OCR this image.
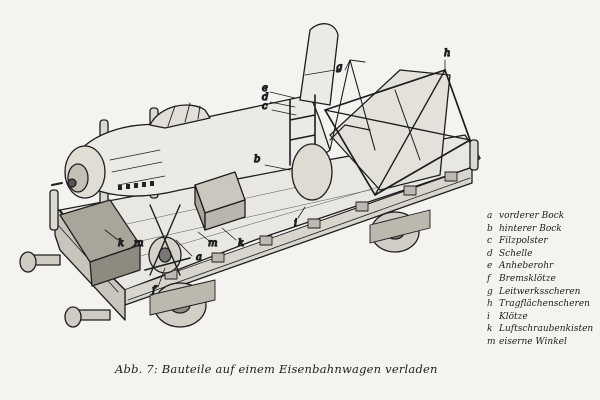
a
b
c
d
e
f
g
h
i
k	k
m	m
a vorderer Bock
b hinterer Bock
c Filzpolster
d Schelle
e Anheberohr
f Bremsklötze
g Leitwerksscheren
h Tragflächenscheren
i Klötze
k Luftschraubenkisten
m eiserne Winkel
Abb. 7: Bauteile auf einem Eisenbahnwagen verladen
